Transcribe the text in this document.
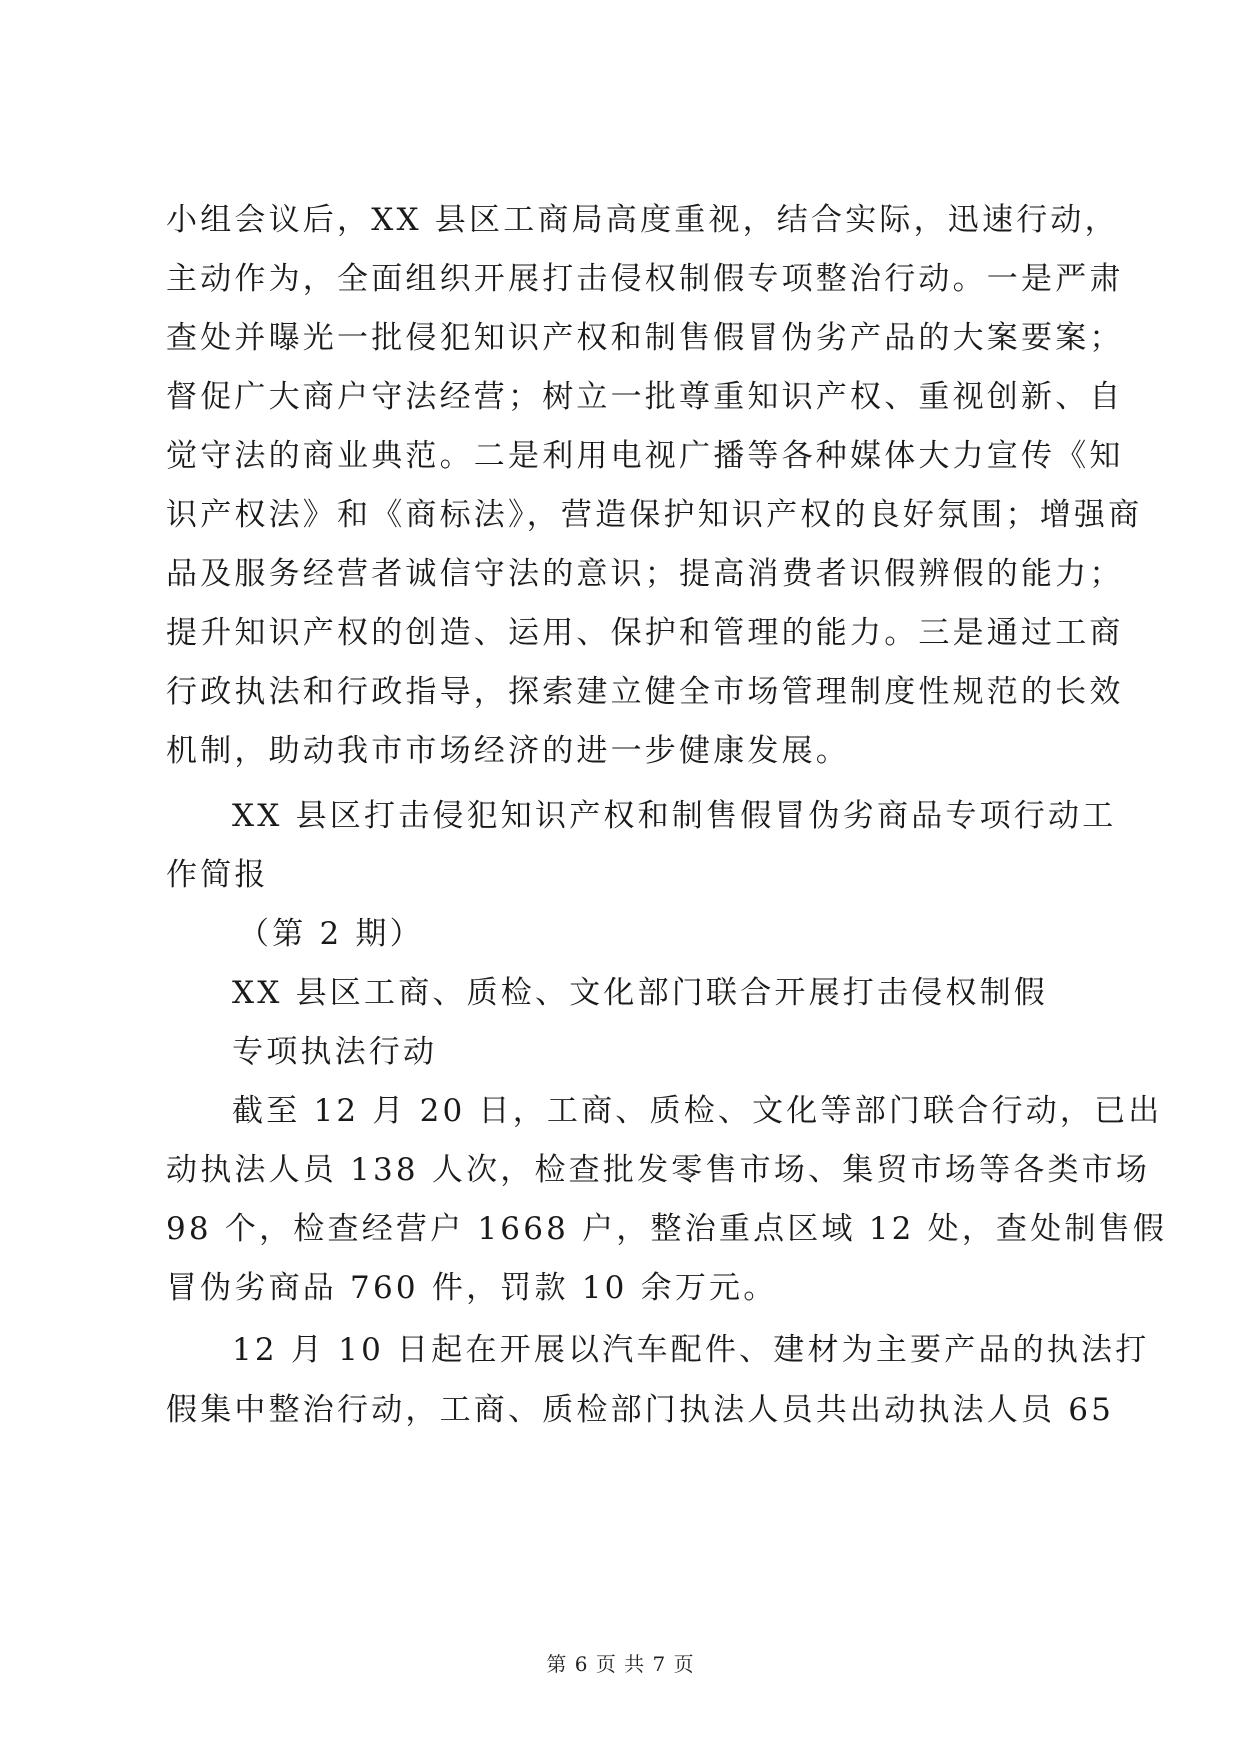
小组会议后，XX 县区工商局高度重视，结合实际，迅速行动，
主动作为，全面组织开展打击侵权制假专项整治行动。一是严肃
查处并曝光一批侵犯知识产权和制售假冒伪劣产品的大案要案；
督促广大商户守法经营；树立一批尊重知识产权、重视创新、自
觉守法的商业典范。二是利用电视广播等各种媒体大力宣传《知
识产权法》和《商标法》，营造保护知识产权的良好氛围；增强商
品及服务经营者诚信守法的意识；提高消费者识假辨假的能力；
提升知识产权的创造、运用、保护和管理的能力。三是通过工商
行政执法和行政指导，探索建立健全市场管理制度性规范的长效
机制，助动我市市场经济的进一步健康发展。
XX 县区打击侵犯知识产权和制售假冒伪劣商品专项行动工
作简报
（第 2 期）
XX 县区工商、质检、文化部门联合开展打击侵权制假
专项执法行动
截至 12 月 20 日，工商、质检、文化等部门联合行动，已出
动执法人员 138 人次，检查批发零售市场、集贸市场等各类市场
98 个，检查经营户 1668 户，整治重点区域 12 处，查处制售假
冒伪劣商品 760 件，罚款 10 余万元。
12 月 10 日起在开展以汽车配件、建材为主要产品的执法打
假集中整治行动，工商、质检部门执法人员共出动执法人员 65
第 6 页 共 7 页
